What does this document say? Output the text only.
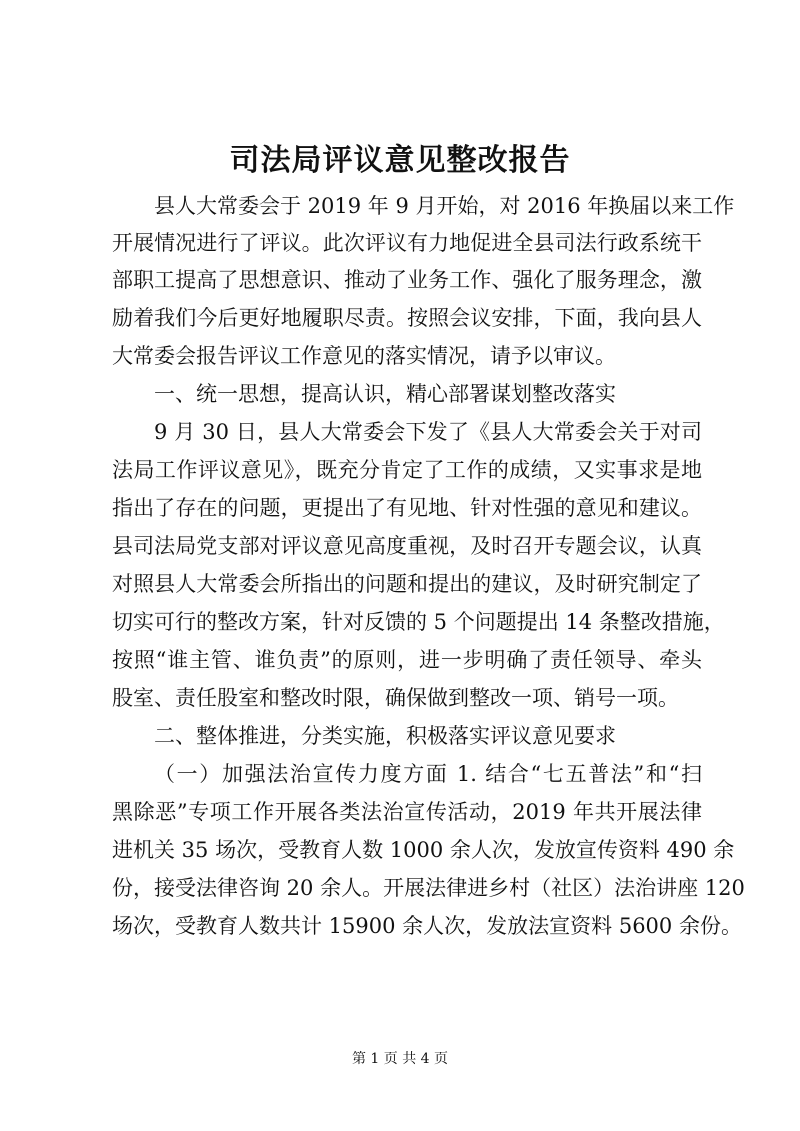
司法局评议意见整改报告
县人大常委会于 2019 年 9 月开始，对 2016 年换届以来工作
开展情况进行了评议。此次评议有力地促进全县司法行政系统干
部职工提高了思想意识、推动了业务工作、强化了服务理念，激
励着我们今后更好地履职尽责。按照会议安排，下面，我向县人
大常委会报告评议工作意见的落实情况，请予以审议。
一、统一思想，提高认识，精心部署谋划整改落实
9 月 30 日，县人大常委会下发了《县人大常委会关于对司
法局工作评议意见》，既充分肯定了工作的成绩，又实事求是地
指出了存在的问题，更提出了有见地、针对性强的意见和建议。
县司法局党支部对评议意见高度重视，及时召开专题会议，认真
对照县人大常委会所指出的问题和提出的建议，及时研究制定了
切实可行的整改方案，针对反馈的 5 个问题提出 14 条整改措施，
按照“谁主管、谁负责”的原则，进一步明确了责任领导、牵头
股室、责任股室和整改时限，确保做到整改一项、销号一项。
二、整体推进，分类实施，积极落实评议意见要求
（一）加强法治宣传力度方面 1. 结合“七五普法”和“扫
黑除恶”专项工作开展各类法治宣传活动，2019 年共开展法律
进机关 35 场次，受教育人数 1000 余人次，发放宣传资料 490 余
份，接受法律咨询 20 余人。开展法律进乡村（社区）法治讲座 120
场次，受教育人数共计 15900 余人次，发放法宣资料 5600 余份。
第 1 页 共 4 页
